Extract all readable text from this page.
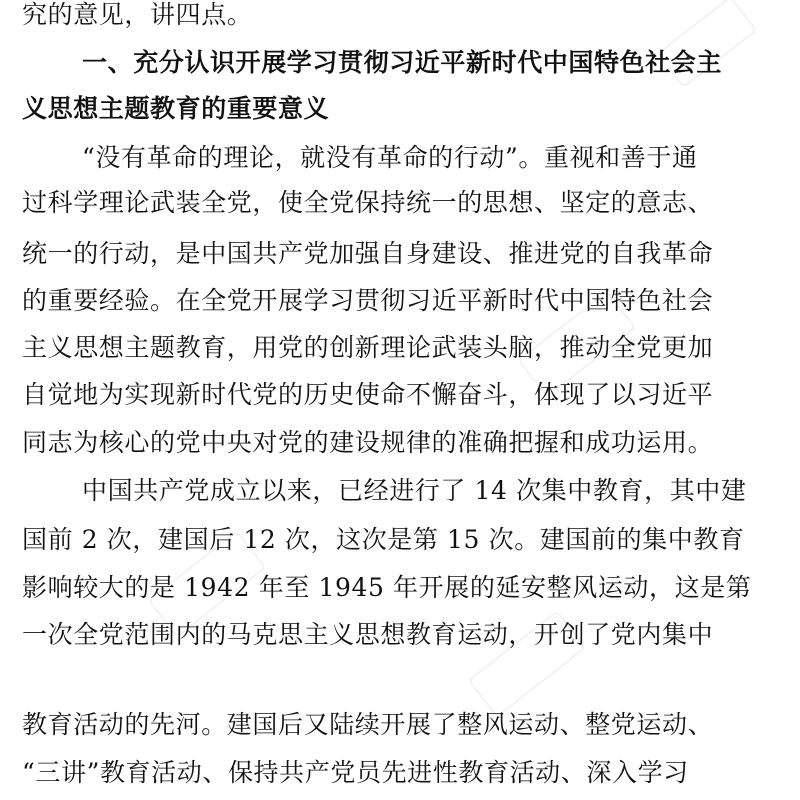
究的意见，讲四点。
一、充分认识开展学习贯彻习近平新时代中国特色社会主
义思想主题教育的重要意义
“没有革命的理论，就没有革命的行动”。重视和善于通
过科学理论武装全党，使全党保持统一的思想、坚定的意志、
统一的行动，是中国共产党加强自身建设、推进党的自我革命
的重要经验。在全党开展学习贯彻习近平新时代中国特色社会
主义思想主题教育，用党的创新理论武装头脑，推动全党更加
自觉地为实现新时代党的历史使命不懈奋斗，体现了以习近平
同志为核心的党中央对党的建设规律的准确把握和成功运用。
中国共产党成立以来，已经进行了 14 次集中教育，其中建
国前 2 次，建国后 12 次，这次是第 15 次。建国前的集中教育
影响较大的是 1942 年至 1945 年开展的延安整风运动，这是第
一次全党范围内的马克思主义思想教育运动，开创了党内集中
教育活动的先河。建国后又陆续开展了整风运动、整党运动、
“三讲”教育活动、保持共产党员先进性教育活动、深入学习
